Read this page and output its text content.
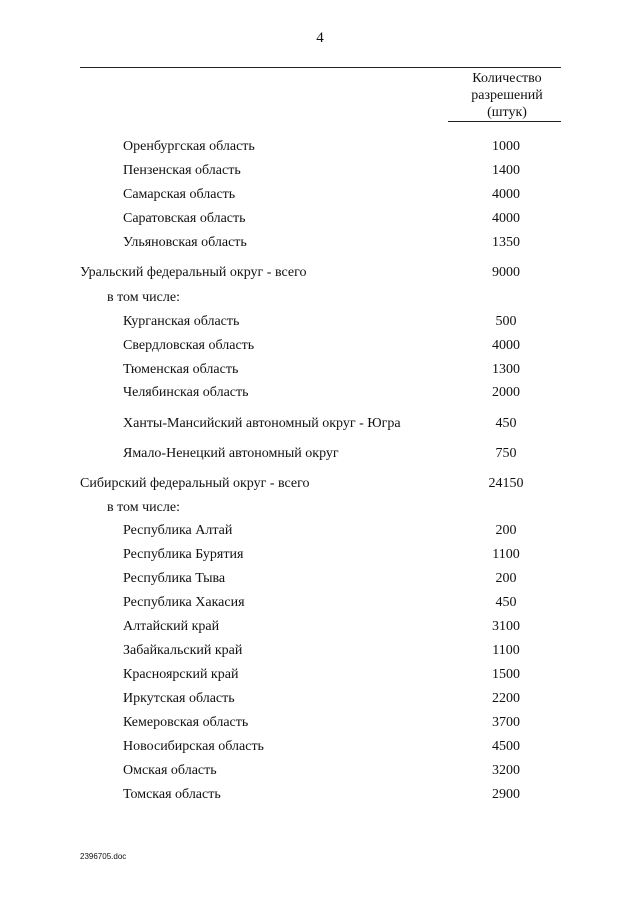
4
Количество
разрешений
(штук)
Оренбургская область	1000
Пензенская область	1400
Самарская область	4000
Саратовская область	4000
Ульяновская область	1350
Уральский федеральный округ - всего	9000
в том числе:
Курганская область	500
Свердловская область	4000
Тюменская область	1300
Челябинская область	2000
Ханты-Мансийский автономный округ - Югра	450
Ямало-Ненецкий автономный округ	750
Сибирский федеральный округ - всего	24150
в том числе:
Республика Алтай	200
Республика Бурятия	1100
Республика Тыва	200
Республика Хакасия	450
Алтайский край	3100
Забайкальский край	1100
Красноярский край	1500
Иркутская область	2200
Кемеровская область	3700
Новосибирская область	4500
Омская область	3200
Томская область	2900
2396705.doc
